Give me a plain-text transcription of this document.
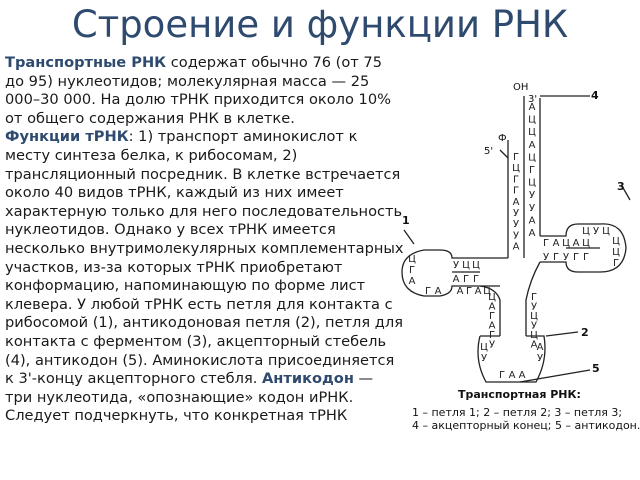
Строение и функции РНК

Транспортные РНК содержат обычно 76 (от 75 до 95) нуклеотидов; молекулярная масса — 25 000–30 000. На долю тРНК приходится около 10% от общего содержания РНК в клетке.

Функции тРНК: 1) транспорт аминокислот к месту синтеза белка, к рибосомам, 2) трансляционный посредник. В клетке встречается около 40 видов тРНК, каждый из них имеет характерную только для него последовательность нуклеотидов. Однако у всех тРНК имеется несколько внутримолекулярных комплементарных участков, из-за которых тРНК приобретают конформацию, напоминающую по форме лист клевера. У любой тРНК есть петля для контакта с рибосомой (1), антикодоновая петля (2), петля для контакта с ферментом (3), акцепторный стебель (4), антикодон (5). Аминокислота присоединяется к 3'-концу акцепторного стебля. Антикодон — три нуклеотида, «опознающие» кодон иРНК.

Следует подчеркнуть, что конкретная тРНК

ОН
3'
Ф
5'
4
3
1
2
5
А
Ц
Ц
А
Ц
Г
Ц
У
У
А
А
Г
Ц
Г
Г
А
У
У
У
А
Ц У Ц
Г А Ц А Ц
У Г У Г Г
Ц
Ц
Г
Ц
Г
А
У Ц Ц
А Г Г
Г А А Г А Ц
Ц
А
Г
А
Г
У
Г
У
Ц
У
Ц
А
Ц
У
А
У
Г А А
Транспортная РНК:
1 – петля 1; 2 – петля 2; 3 – петля 3;
4 – акцепторный конец; 5 – антикодон.
